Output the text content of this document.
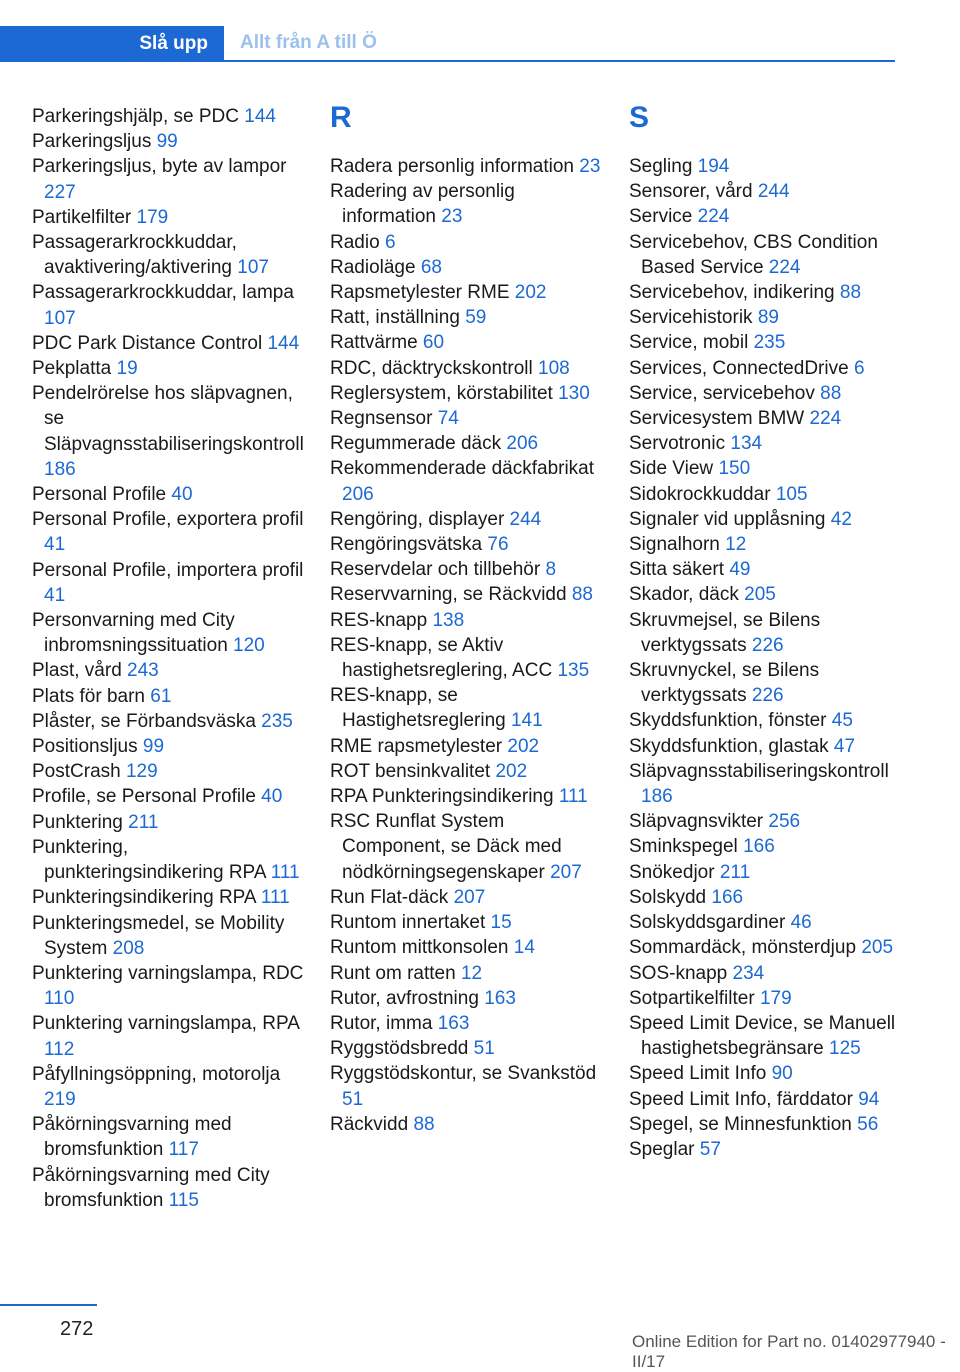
Slå upp	Allt från A till Ö
Parkeringshjälp, se PDC 144
Parkeringsljus 99
Parkeringsljus, byte av lampor 227
Partikelfilter 179
Passagerarkrockkuddar, avaktivering/aktivering 107
Passagerarkrockkuddar, lampa 107
PDC Park Distance Control 144
Pekplatta 19
Pendelrörelse hos släpvagnen, se Släpvagnsstabiliseringskontroll 186
Personal Profile 40
Personal Profile, exportera profil 41
Personal Profile, importera profil 41
Personvarning med City inbromsningssituation 120
Plast, vård 243
Plats för barn 61
Plåster, se Förbandsväska 235
Positionsljus 99
PostCrash 129
Profile, se Personal Profile 40
Punktering 211
Punktering, punkteringsindikering RPA 111
Punkteringsindikering RPA 111
Punkteringsmedel, se Mobility System 208
Punktering varningslampa, RDC 110
Punktering varningslampa, RPA 112
Påfyllningsöppning, motorolja 219
Påkörningsvarning med bromsfunktion 117
Påkörningsvarning med City bromsfunktion 115
R
Radera personlig information 23
Radering av personlig information 23
Radio 6
Radioläge 68
Rapsmetylester RME 202
Ratt, inställning 59
Rattvärme 60
RDC, däcktryckskontroll 108
Reglersystem, körstabilitet 130
Regnsensor 74
Regummerade däck 206
Rekommenderade däckfabrikat 206
Rengöring, displayer 244
Rengöringsvätska 76
Reservdelar och tillbehör 8
Reservvarning, se Räckvidd 88
RES-knapp 138
RES-knapp, se Aktiv hastighetsreglering, ACC 135
RES-knapp, se Hastighetsreglering 141
RME rapsmetylester 202
ROT bensinkvalitet 202
RPA Punkteringsindikering 111
RSC Runflat System Component, se Däck med nödkörningsegenskaper 207
Run Flat-däck 207
Runtom innertaket 15
Runtom mittkonsolen 14
Runt om ratten 12
Rutor, avfrostning 163
Rutor, imma 163
Ryggstödsbredd 51
Ryggstödskontur, se Svankstöd 51
Räckvidd 88
S
Segling 194
Sensorer, vård 244
Service 224
Servicebehov, CBS Condition Based Service 224
Servicebehov, indikering 88
Servicehistorik 89
Service, mobil 235
Services, ConnectedDrive 6
Service, servicebehov 88
Servicesystem BMW 224
Servotronic 134
Side View 150
Sidokrockkuddar 105
Signaler vid upplåsning 42
Signalhorn 12
Sitta säkert 49
Skador, däck 205
Skruvmejsel, se Bilens verktygssats 226
Skruvnyckel, se Bilens verktygssats 226
Skyddsfunktion, fönster 45
Skyddsfunktion, glastak 47
Släpvagnsstabiliseringskontroll 186
Släpvagnsvikter 256
Sminkspegel 166
Snökedjor 211
Solskydd 166
Solskyddsgardiner 46
Sommardäck, mönsterdjup 205
SOS-knapp 234
Sotpartikelfilter 179
Speed Limit Device, se Manuell hastighetsbegränsare 125
Speed Limit Info 90
Speed Limit Info, färddator 94
Spegel, se Minnesfunktion 56
Speglar 57
272
Online Edition for Part no. 01402977940 - II/17
